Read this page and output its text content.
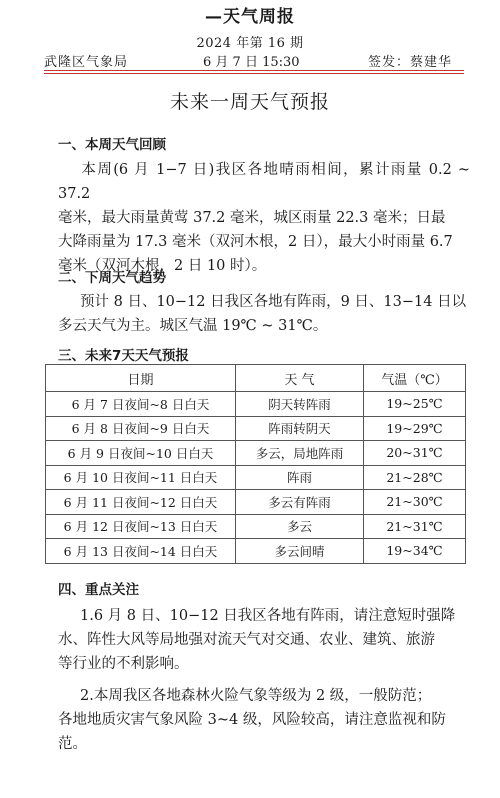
—天气周报
2024 年第 16 期
武隆区气象局	6 月 7 日 15:30	签发：蔡建华
未来一周天气预报
一、本周天气回顾
本周(6 月 1−7 日)我区各地晴雨相间，累计雨量 0.2 ~ 37.2
毫米，最大雨量黄莺 37.2 毫米，城区雨量 22.3 毫米；日最
大降雨量为 17.3 毫米（双河木根，2 日），最大小时雨量 6.7
毫米（双河木根，2 日 10 时）。
二、下周天气趋势
预计 8 日、10−12 日我区各地有阵雨，9 日、13−14 日以
多云天气为主。城区气温 19℃ ~ 31℃。
三、未来7天天气预报
日期	天 气	气温（℃）
6 月 7 日夜间~8 日白天	阴天转阵雨	19~25℃
6 月 8 日夜间~9 日白天	阵雨转阴天	19~29℃
6 月 9 日夜间~10 日白天	多云，局地阵雨	20~31℃
6 月 10 日夜间~11 日白天	阵雨	21~28℃
6 月 11 日夜间~12 日白天	多云有阵雨	21~30℃
6 月 12 日夜间~13 日白天	多云	21~31℃
6 月 13 日夜间~14 日白天	多云间晴	19~34℃
四、重点关注
1.6 月 8 日、10−12 日我区各地有阵雨，请注意短时强降
水、阵性大风等局地强对流天气对交通、农业、建筑、旅游
等行业的不利影响。
2.本周我区各地森林火险气象等级为 2 级，一般防范；
各地地质灾害气象风险 3~4 级，风险较高，请注意监视和防
范。
